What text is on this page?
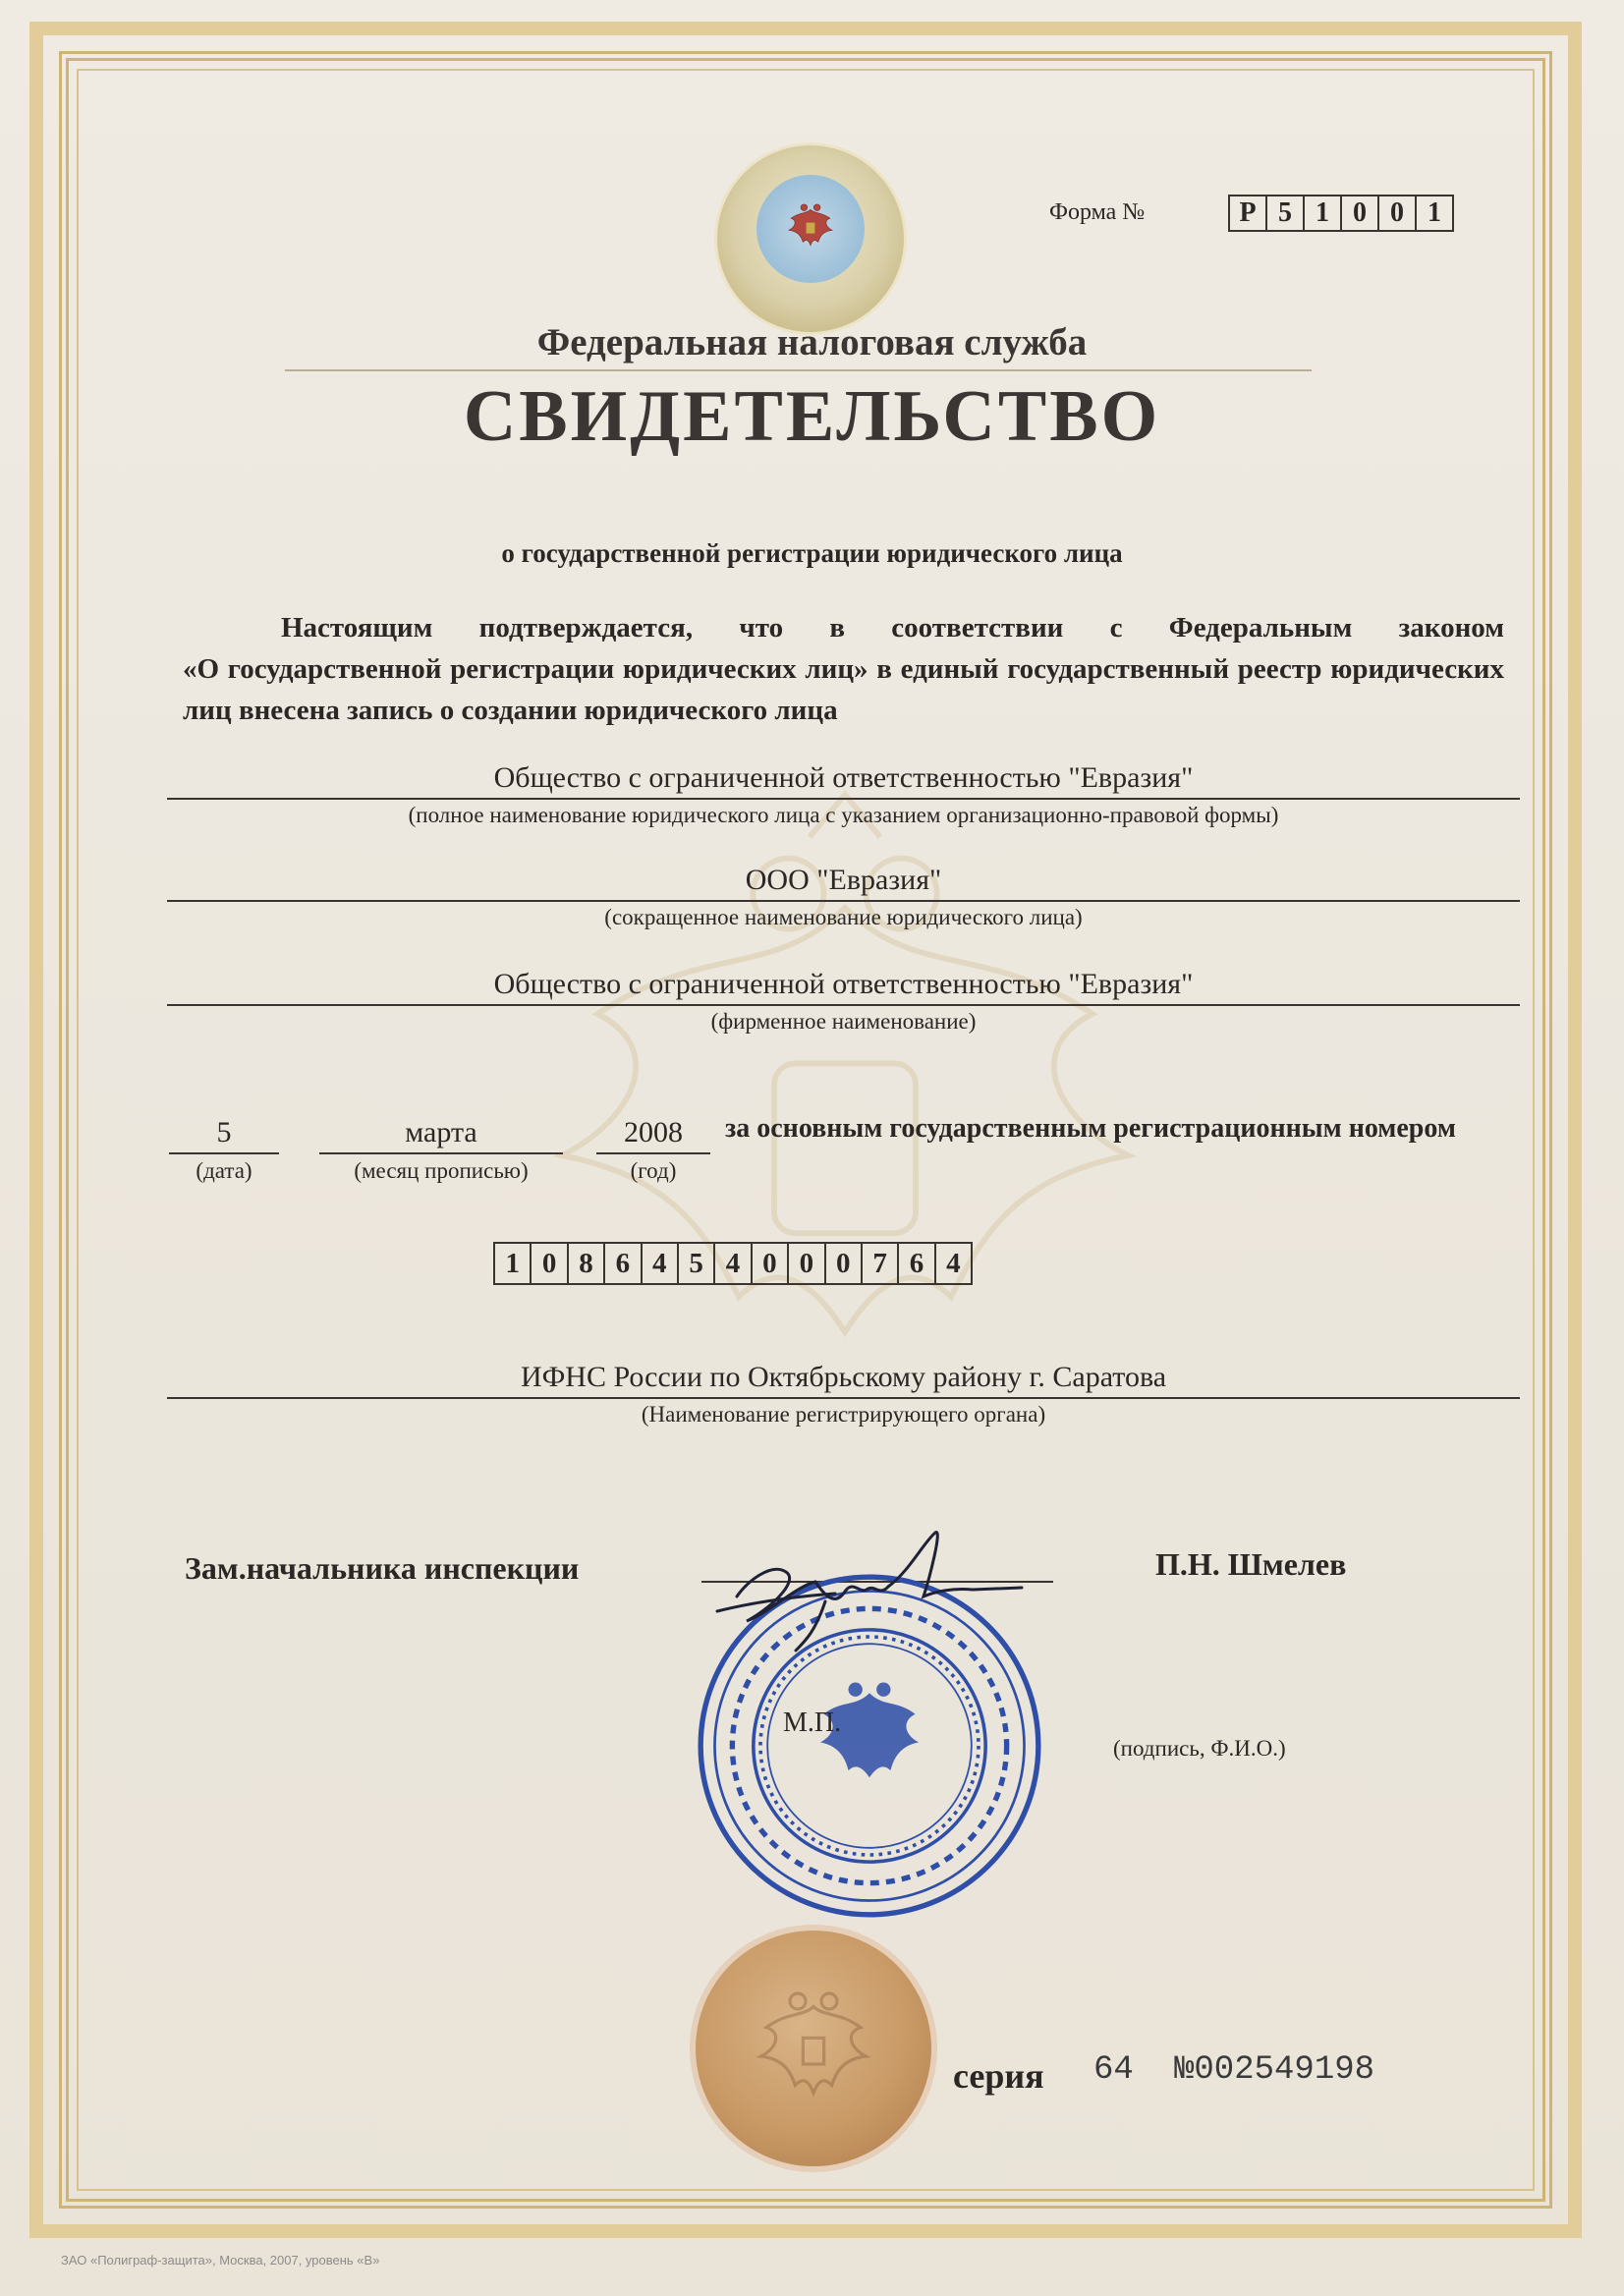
Форма №	Р 5 1 0 0 1
Федеральная налоговая служба
СВИДЕТЕЛЬСТВО
о государственной регистрации юридического лица
Настоящим подтверждается, что в соответствии с Федеральным законом
«О государственной регистрации юридических лиц» в единый государственный реестр юридических лиц внесена запись о создании юридического лица
Общество с ограниченной ответственностью "Евразия"
(полное наименование юридического лица с указанием организационно-правовой формы)
ООО "Евразия"
(сокращенное наименование юридического лица)
Общество с ограниченной ответственностью "Евразия"
(фирменное наименование)
5
(дата)
марта
(месяц прописью)
2008
(год)
за основным государственным регистрационным номером
1 0 8 6 4 5 4 0 0 0 7 6 4
ИФНС России по Октябрьскому району г. Саратова
(Наименование регистрирующего органа)
Зам.начальника инспекции	П.Н. Шмелев
М.П.
(подпись, Ф.И.О.)
серия 64 №002549198
ЗАО «Полиграф-защита», Москва, 2007, уровень «В»
